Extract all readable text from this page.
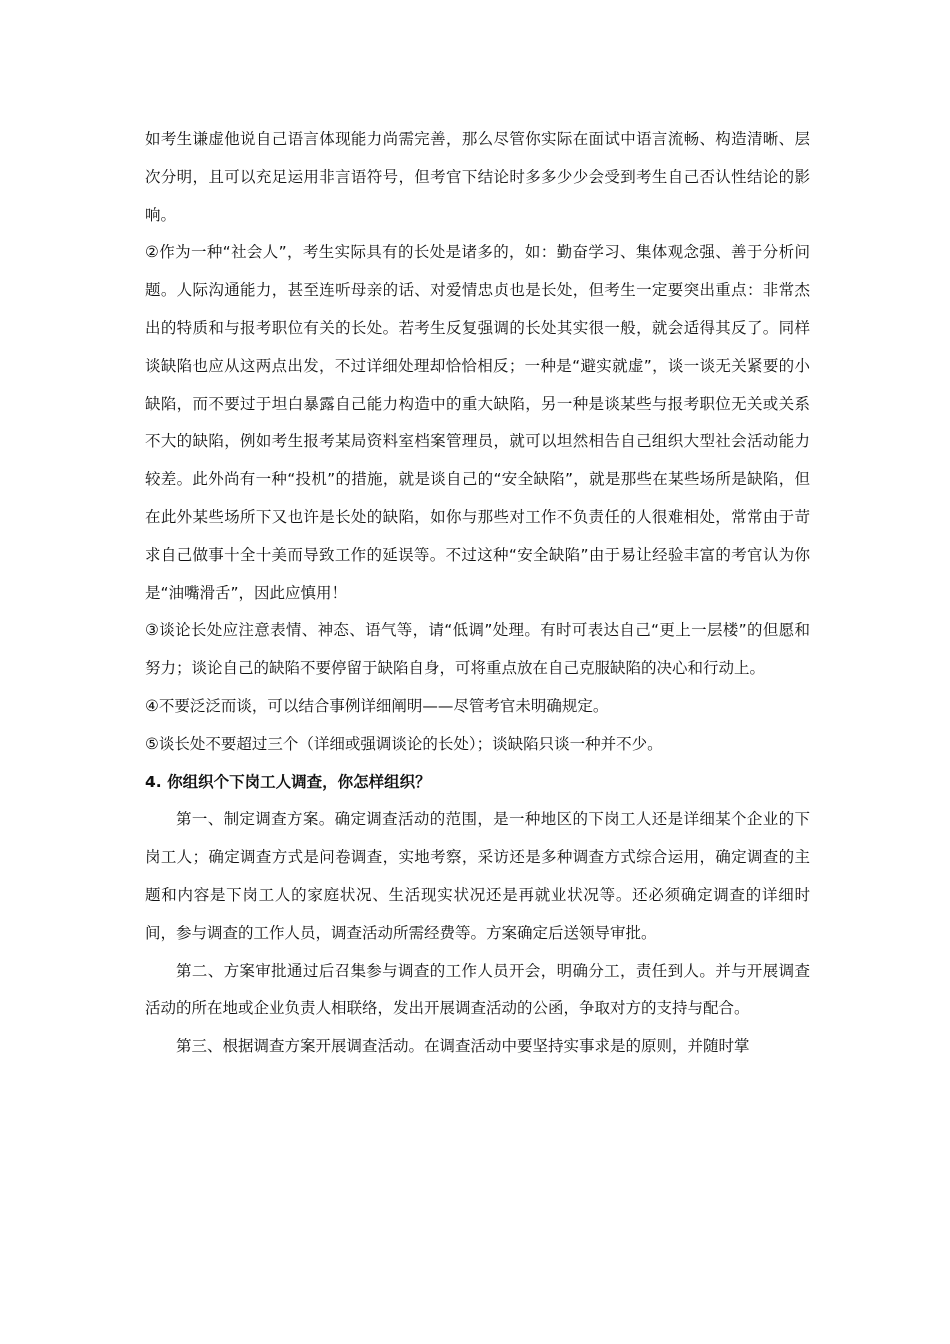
如考生谦虚他说自己语言体现能力尚需完善，那么尽管你实际在面试中语言流畅、构造清晰、层次分明，且可以充足运用非言语符号，但考官下结论时多多少少会受到考生自己否认性结论的影响。

②作为一种“社会人”，考生实际具有的长处是诸多的，如：勤奋学习、集体观念强、善于分析问题。人际沟通能力，甚至连听母亲的话、对爱情忠贞也是长处，但考生一定要突出重点：非常杰出的特质和与报考职位有关的长处。若考生反复强调的长处其实很一般，就会适得其反了。同样谈缺陷也应从这两点出发，不过详细处理却恰恰相反；一种是“避实就虚”，谈一谈无关紧要的小缺陷，而不要过于坦白暴露自己能力构造中的重大缺陷，另一种是谈某些与报考职位无关或关系不大的缺陷，例如考生报考某局资料室档案管理员，就可以坦然相告自己组织大型社会活动能力较差。此外尚有一种“投机”的措施，就是谈自己的“安全缺陷”，就是那些在某些场所是缺陷，但在此外某些场所下又也许是长处的缺陷，如你与那些对工作不负责任的人很难相处，常常由于苛求自己做事十全十美而导致工作的延误等。不过这种“安全缺陷”由于易让经验丰富的考官认为你是“油嘴滑舌”，因此应慎用！

③谈论长处应注意表情、神态、语气等，请“低调”处理。有时可表达自己“更上一层楼”的但愿和努力；谈论自己的缺陷不要停留于缺陷自身，可将重点放在自己克服缺陷的决心和行动上。

④不要泛泛而谈，可以结合事例详细阐明——尽管考官未明确规定。

⑤谈长处不要超过三个（详细或强调谈论的长处）；谈缺陷只谈一种并不少。

4. 你组织个下岗工人调查，你怎样组织？

第一、制定调查方案。确定调查活动的范围，是一种地区的下岗工人还是详细某个企业的下岗工人；确定调查方式是问卷调查，实地考察，采访还是多种调查方式综合运用，确定调查的主题和内容是下岗工人的家庭状况、生活现实状况还是再就业状况等。还必须确定调查的详细时间，参与调查的工作人员，调查活动所需经费等。方案确定后送领导审批。

第二、方案审批通过后召集参与调查的工作人员开会，明确分工，责任到人。并与开展调查活动的所在地或企业负责人相联络，发出开展调查活动的公函，争取对方的支持与配合。

第三、根据调查方案开展调查活动。在调查活动中要坚持实事求是的原则，并随时掌
